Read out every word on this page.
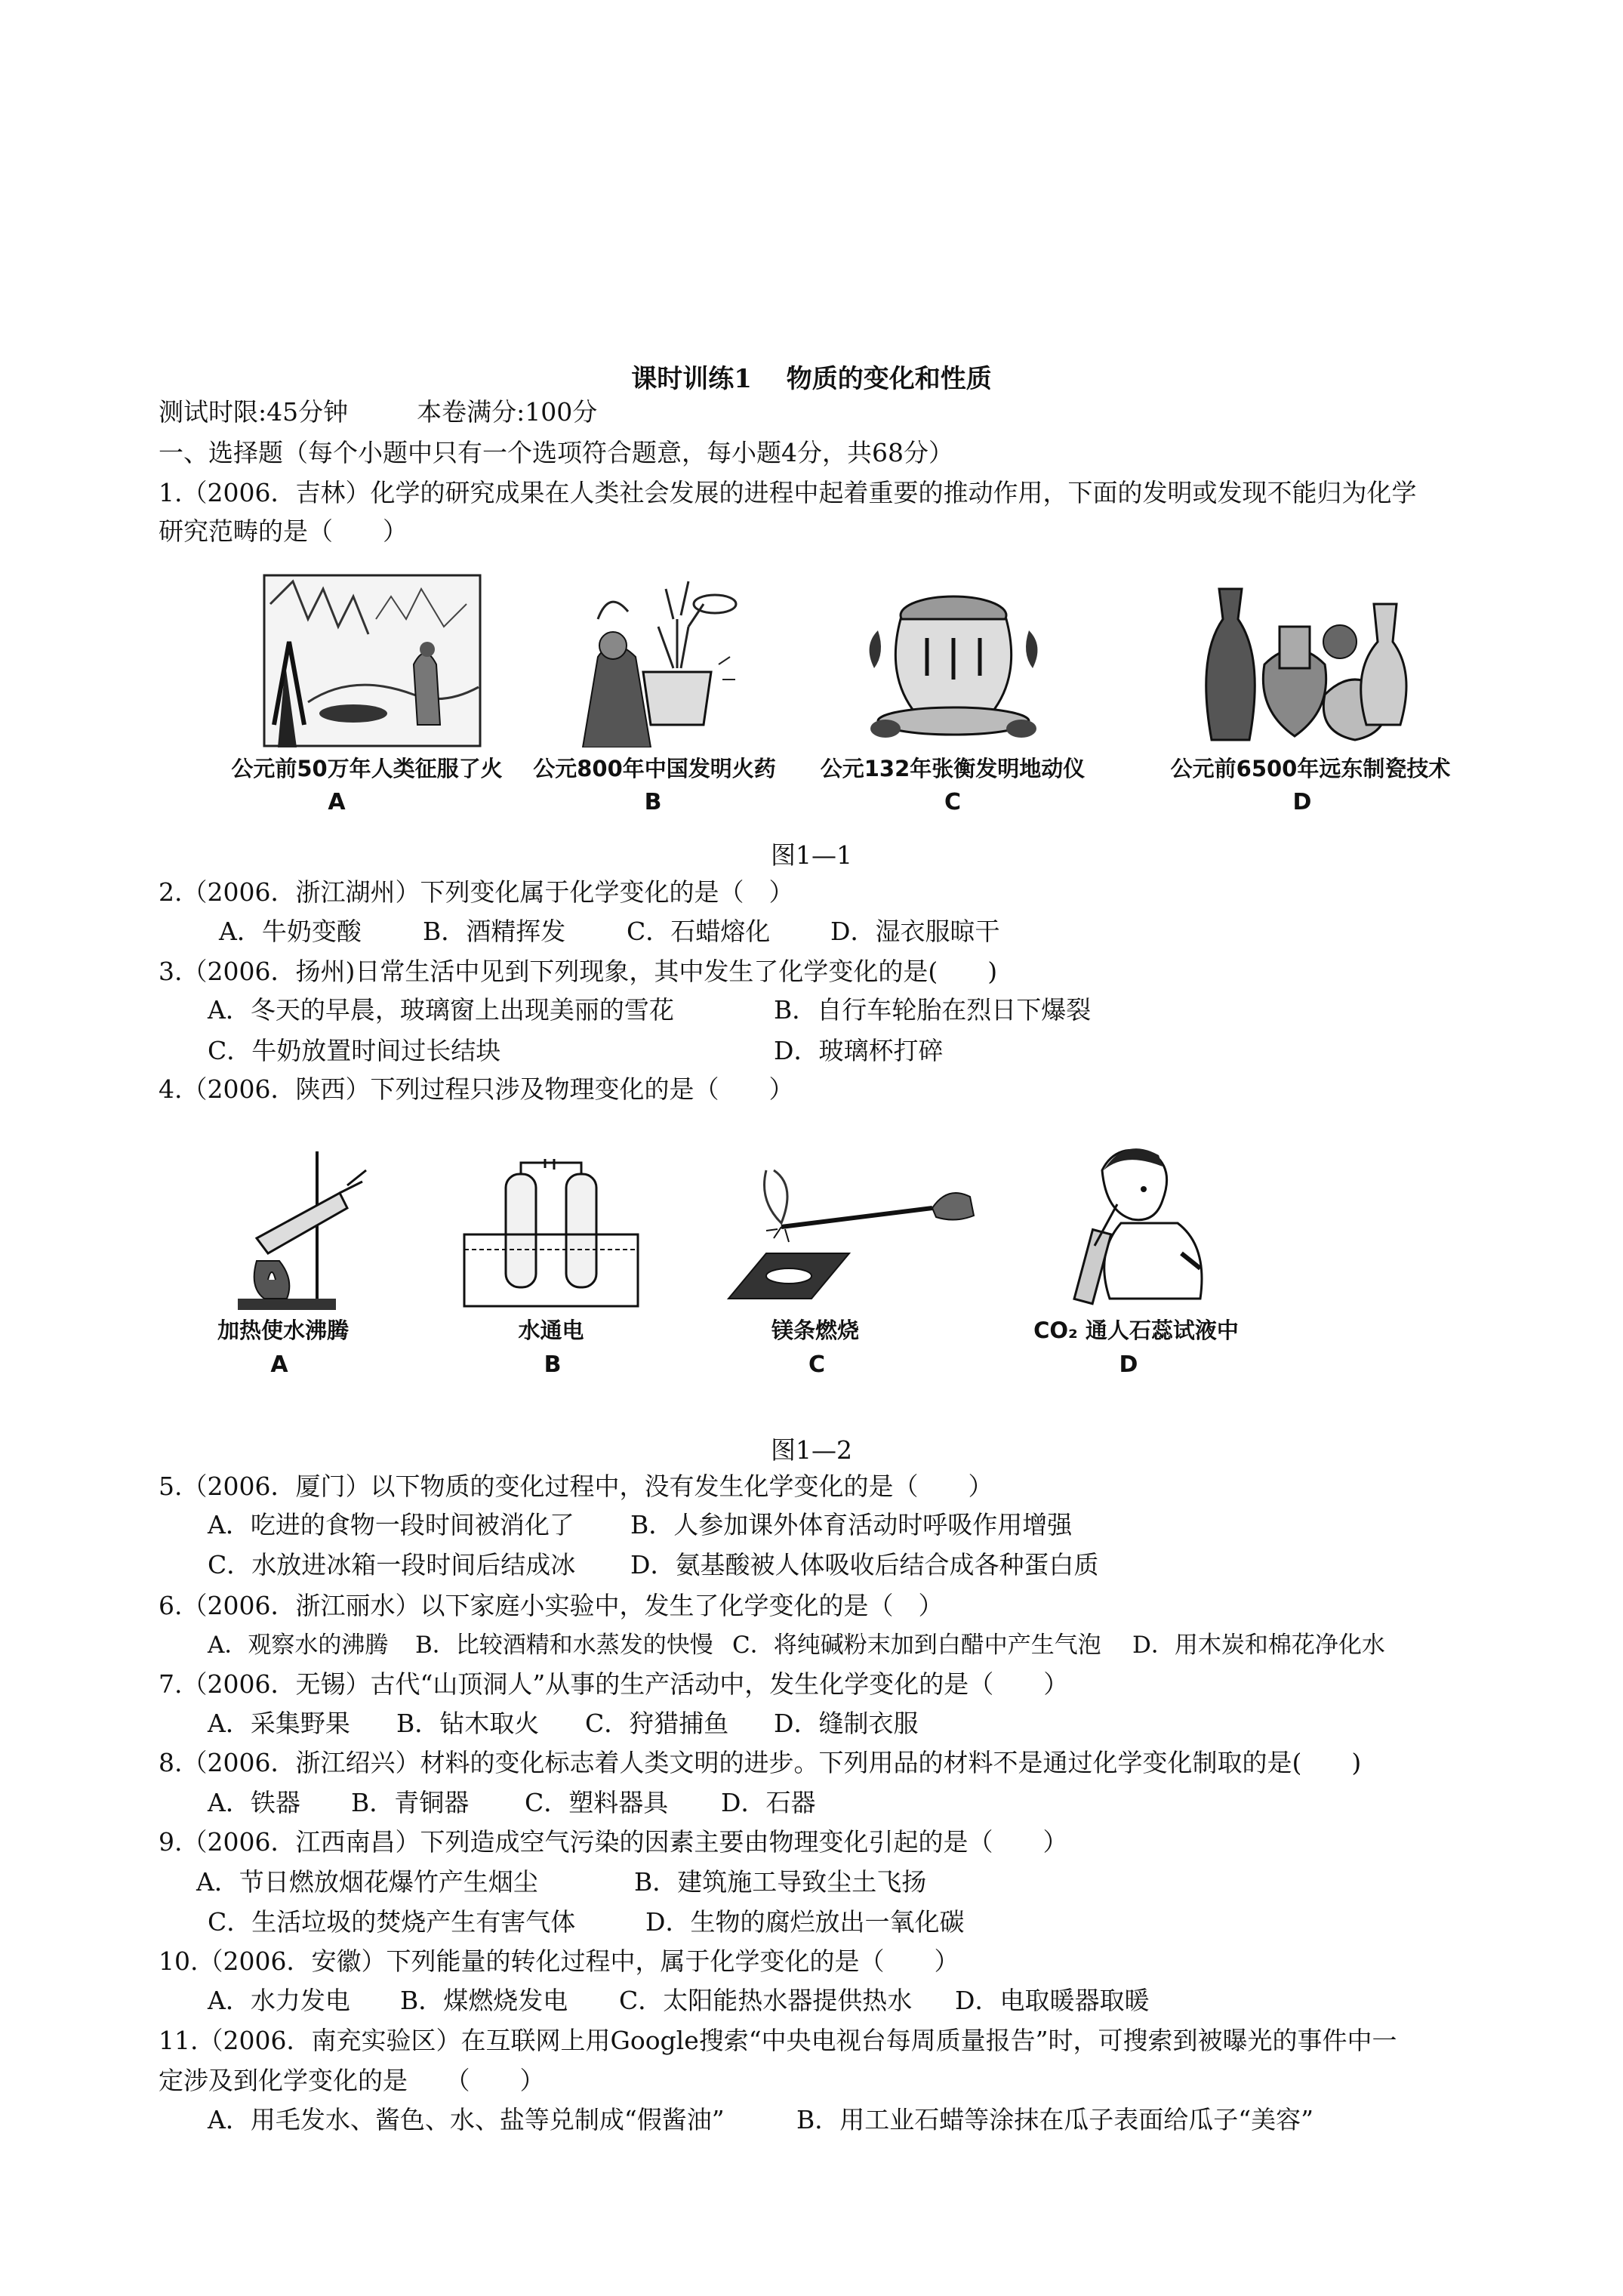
课时训练1　 物质的变化和性质
测试时限:45分钟	本卷满分:100分
一、选择题（每个小题中只有一个选项符合题意，每小题4分，共68分）
1.（2006．吉林）化学的研究成果在人类社会发展的进程中起着重要的推动作用，下面的发明或发现不能归为化学
研究范畴的是（　　）
公元前50万年人类征服了火
A
公元800年中国发明火药
B
公元132年张衡发明地动仪
C
公元前6500年远东制瓷技术
D
图1—1
2.（2006．浙江湖州）下列变化属于化学变化的是（　）
A．牛奶变酸 B．酒精挥发 C．石蜡熔化 D．湿衣服晾干
3.（2006．扬州)日常生活中见到下列现象，其中发生了化学变化的是(　　)
A．冬天的早晨，玻璃窗上出现美丽的雪花	B．自行车轮胎在烈日下爆裂
C．牛奶放置时间过长结块	D．玻璃杯打碎
4.（2006．陕西）下列过程只涉及物理变化的是（　　）
加热使水沸腾
A
水通电
B
镁条燃烧
C
CO₂ 通人石蕊试液中
D
图1—2
5.（2006．厦门）以下物质的变化过程中，没有发生化学变化的是（　　）
A．吃进的食物一段时间被消化了 B．人参加课外体育活动时呼吸作用增强
C．水放进冰箱一段时间后结成冰 D．氨基酸被人体吸收后结合成各种蛋白质
6.（2006．浙江丽水）以下家庭小实验中，发生了化学变化的是（　）
A．观察水的沸腾 B．比较酒精和水蒸发的快慢 C．将纯碱粉末加到白醋中产生气泡 D．用木炭和棉花净化水
7.（2006．无锡）古代“山顶洞人”从事的生产活动中，发生化学变化的是（　　）
A．采集野果 B．钻木取火 C．狩猎捕鱼 D．缝制衣服
8.（2006．浙江绍兴）材料的变化标志着人类文明的进步。下列用品的材料不是通过化学变化制取的是(　　)
A．铁器 B．青铜器 C．塑料器具 D．石器
9.（2006．江西南昌）下列造成空气污染的因素主要由物理变化引起的是（　　）
A．节日燃放烟花爆竹产生烟尘	B．建筑施工导致尘土飞扬
C．生活垃圾的焚烧产生有害气体	D．生物的腐烂放出一氧化碳
10.（2006．安徽）下列能量的转化过程中，属于化学变化的是（　　）
A．水力发电 B．煤燃烧发电 C．太阳能热水器提供热水 D．电取暖器取暖
11.（2006．南充实验区）在互联网上用Google搜索“中央电视台每周质量报告”时，可搜索到被曝光的事件中一
定涉及到化学变化的是　　（　　）
A．用毛发水、酱色、水、盐等兑制成“假酱油”	B．用工业石蜡等涂抹在瓜子表面给瓜子“美容”
